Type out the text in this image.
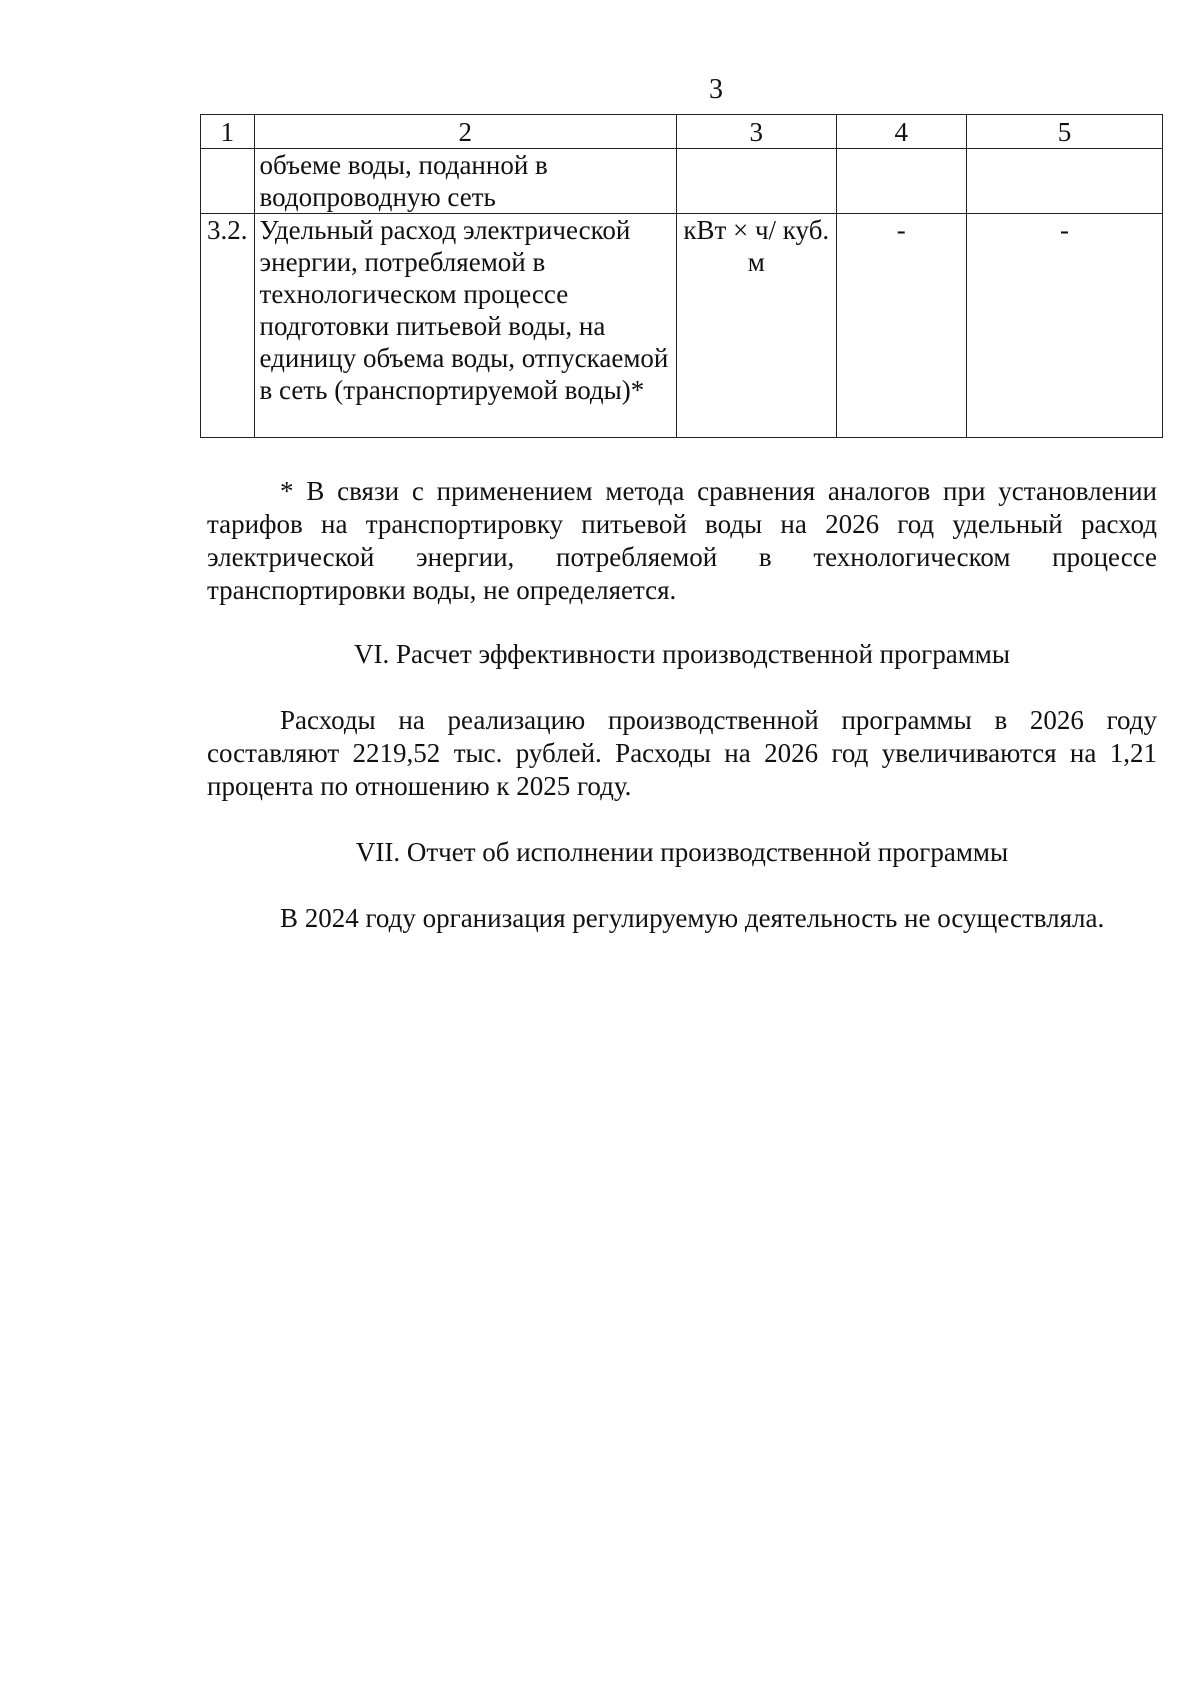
3
1	2	3	4	5
	объеме воды, поданной в водопроводную сеть			
3.2.	Удельный расход электрической энергии, потребляемой в технологическом процессе подготовки питьевой воды, на единицу объема воды, отпускаемой в сеть (транспортируемой воды)*	кВт × ч/ куб. м	-	-
* В связи с применением метода сравнения аналогов при установлении тарифов на транспортировку питьевой воды на 2026 год удельный расход электрической энергии, потребляемой в технологическом процессе транспортировки воды, не определяется.
VI. Расчет эффективности производственной программы
Расходы на реализацию производственной программы в 2026 году составляют 2219,52 тыс. рублей. Расходы на 2026 год увеличиваются на 1,21 процента по отношению к 2025 году.
VII. Отчет об исполнении производственной программы
В 2024 году организация регулируемую деятельность не осуществляла.
